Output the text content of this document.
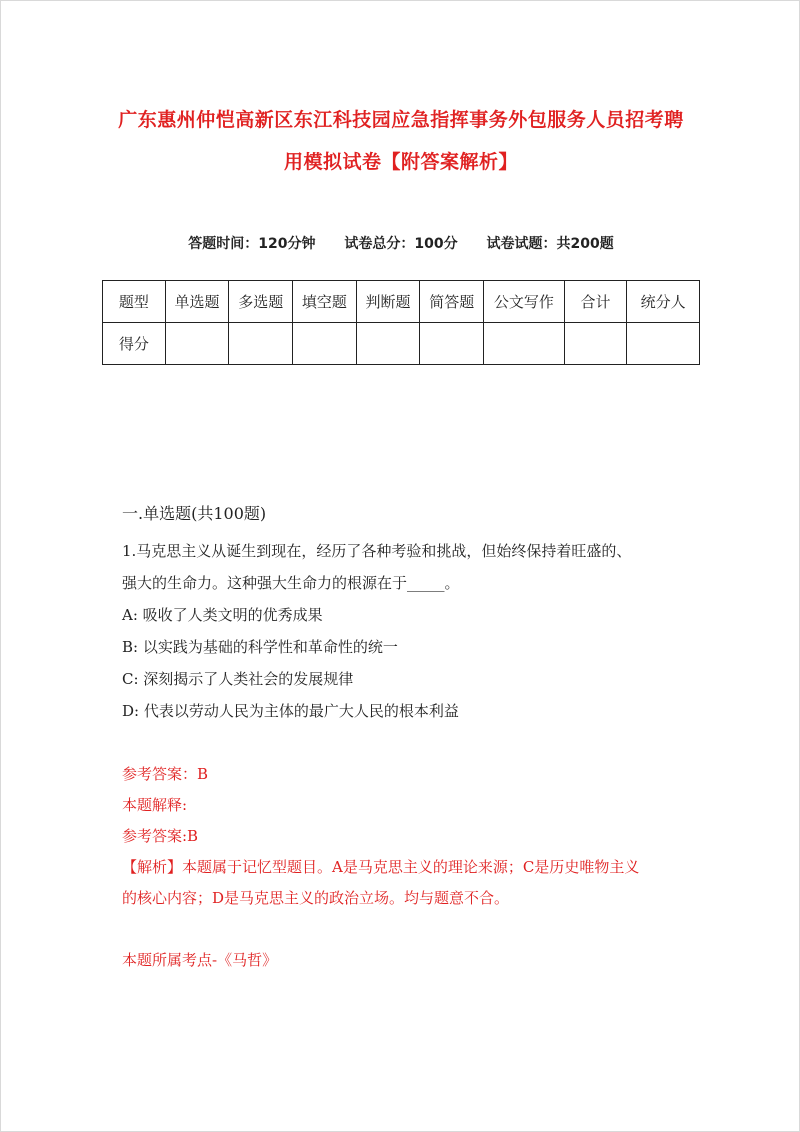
广东惠州仲恺高新区东江科技园应急指挥事务外包服务人员招考聘
用模拟试卷【附答案解析】
答题时间：120分钟 试卷总分：100分 试卷试题：共200题
题型	单选题	多选题	填空题	判断题	简答题	公文写作	合计	统分人
得分								
一.单选题(共100题)
1.马克思主义从诞生到现在，经历了各种考验和挑战，但始终保持着旺盛的、
强大的生命力。这种强大生命力的根源在于_____。
A: 吸收了人类文明的优秀成果
B: 以实践为基础的科学性和革命性的统一
C: 深刻揭示了人类社会的发展规律
D: 代表以劳动人民为主体的最广大人民的根本利益
参考答案：B
本题解释:
参考答案:B
【解析】本题属于记忆型题目。A是马克思主义的理论来源；C是历史唯物主义
的核心内容；D是马克思主义的政治立场。均与题意不合。
本题所属考点-《马哲》
